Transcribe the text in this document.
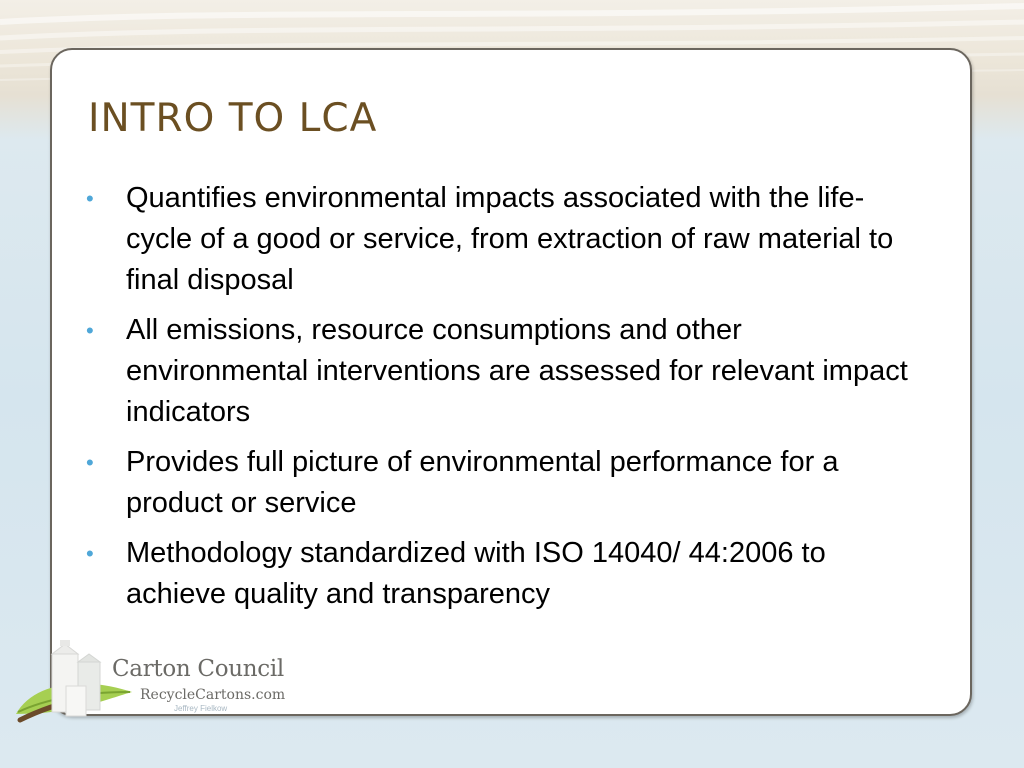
INTRO TO LCA
• Quantifies environmental impacts associated with the life-cycle of a good or service, from extraction of raw material to final disposal
• All emissions, resource consumptions and other environmental interventions are assessed for relevant impact indicators
• Provides full picture of environmental performance for a product or service
• Methodology standardized with ISO 14040/ 44:2006 to achieve quality and transparency
Carton Council
RecycleCartons.com
Jeffrey Fielkow
